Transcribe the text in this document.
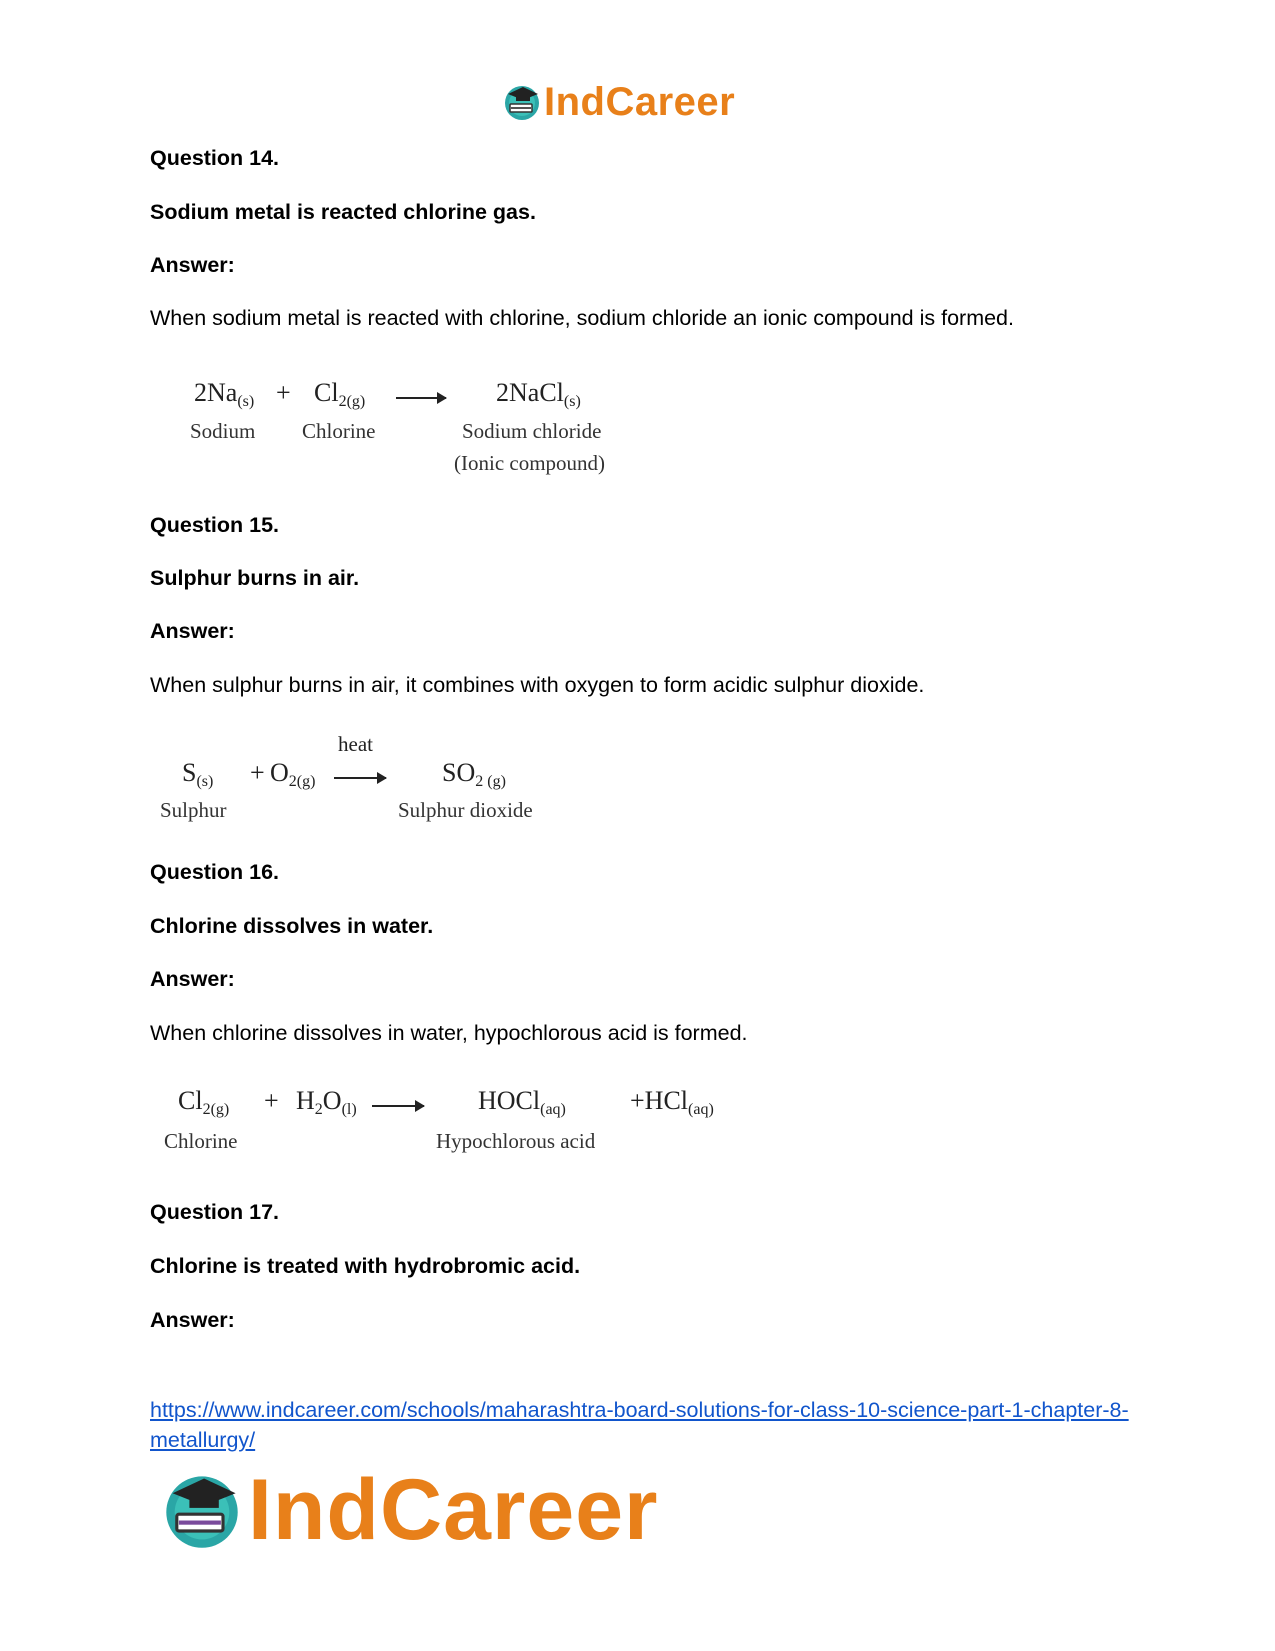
IndCareer
Question 14.
Sodium metal is reacted chlorine gas.
Answer:
When sodium metal is reacted with chlorine, sodium chloride an ionic compound is formed.
$2Na_{(s)} + Cl_{2(g)}$	2NaCl$_{(s)}$
Sodium Chlorine	Sodium chloride
(Ionic compound)
Question 15.
Sulphur burns in air.
Answer:
When sulphur burns in air, it combines with oxygen to form acidic sulphur dioxide.
$S_{(s)} + O_{2(g)}$
heat
$SO_{2 (g)}$
Sulphur	Sulphur dioxide
Question 16.
Chlorine dissolves in water.
Answer:
When chlorine dissolves in water, hypochlorous acid is formed.
$Cl_{2(g)} + H_2O_{(l)}$ → HOCl$_{(aq)}$ +HCl$_{(aq)}$
Chlorine	Hypochlorous acid
Question 17.
Chlorine is treated with hydrobromic acid.
Answer:
https://www.indcareer.com/schools/maharashtra-board-solutions-for-class-10-science-part-1-chapter-8-metallurgy/
IndCareer
